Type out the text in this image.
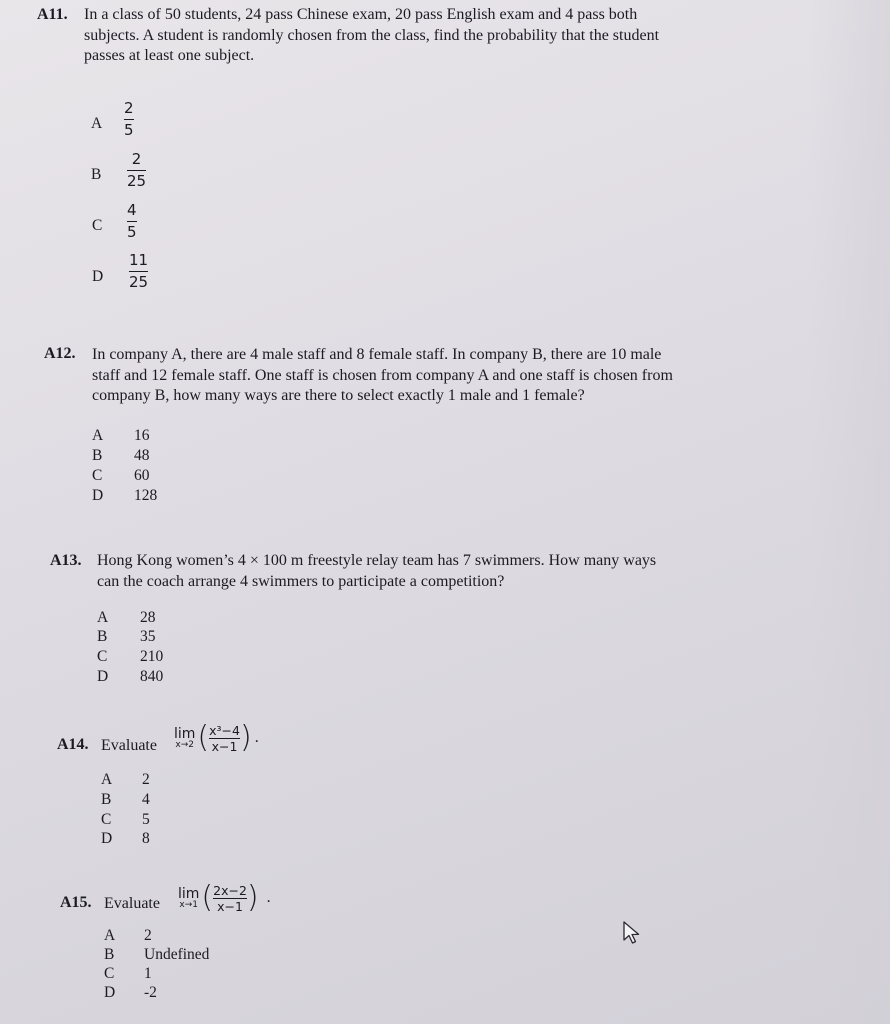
A11. In a class of 50 students, 24 pass Chinese exam, 20 pass English exam and 4 pass both
subjects. A student is randomly chosen from the class, find the probability that the student
passes at least one subject.
A
2
5
B
2
25
C
4
5
D
11
25
A12. In company A, there are 4 male staff and 8 female staff. In company B, there are 10 male
staff and 12 female staff. One staff is chosen from company A and one staff is chosen from
company B, how many ways are there to select exactly 1 male and 1 female?
A 16
B 48
C 60
D 128
A13. Hong Kong women’s 4 × 100 m freestyle relay team has 7 swimmers. How many ways
can the coach arrange 4 swimmers to participate a competition?
A 28
B 35
C 210
D 840
A14. Evaluate
lim
x→2 ( x³−4
x−1 ) .
A 2
B 4
C 5
D 8
A15. Evaluate
lim
x→1 ( 2x−2
x−1 ) .
A 2
B Undefined
C 1
D -2
